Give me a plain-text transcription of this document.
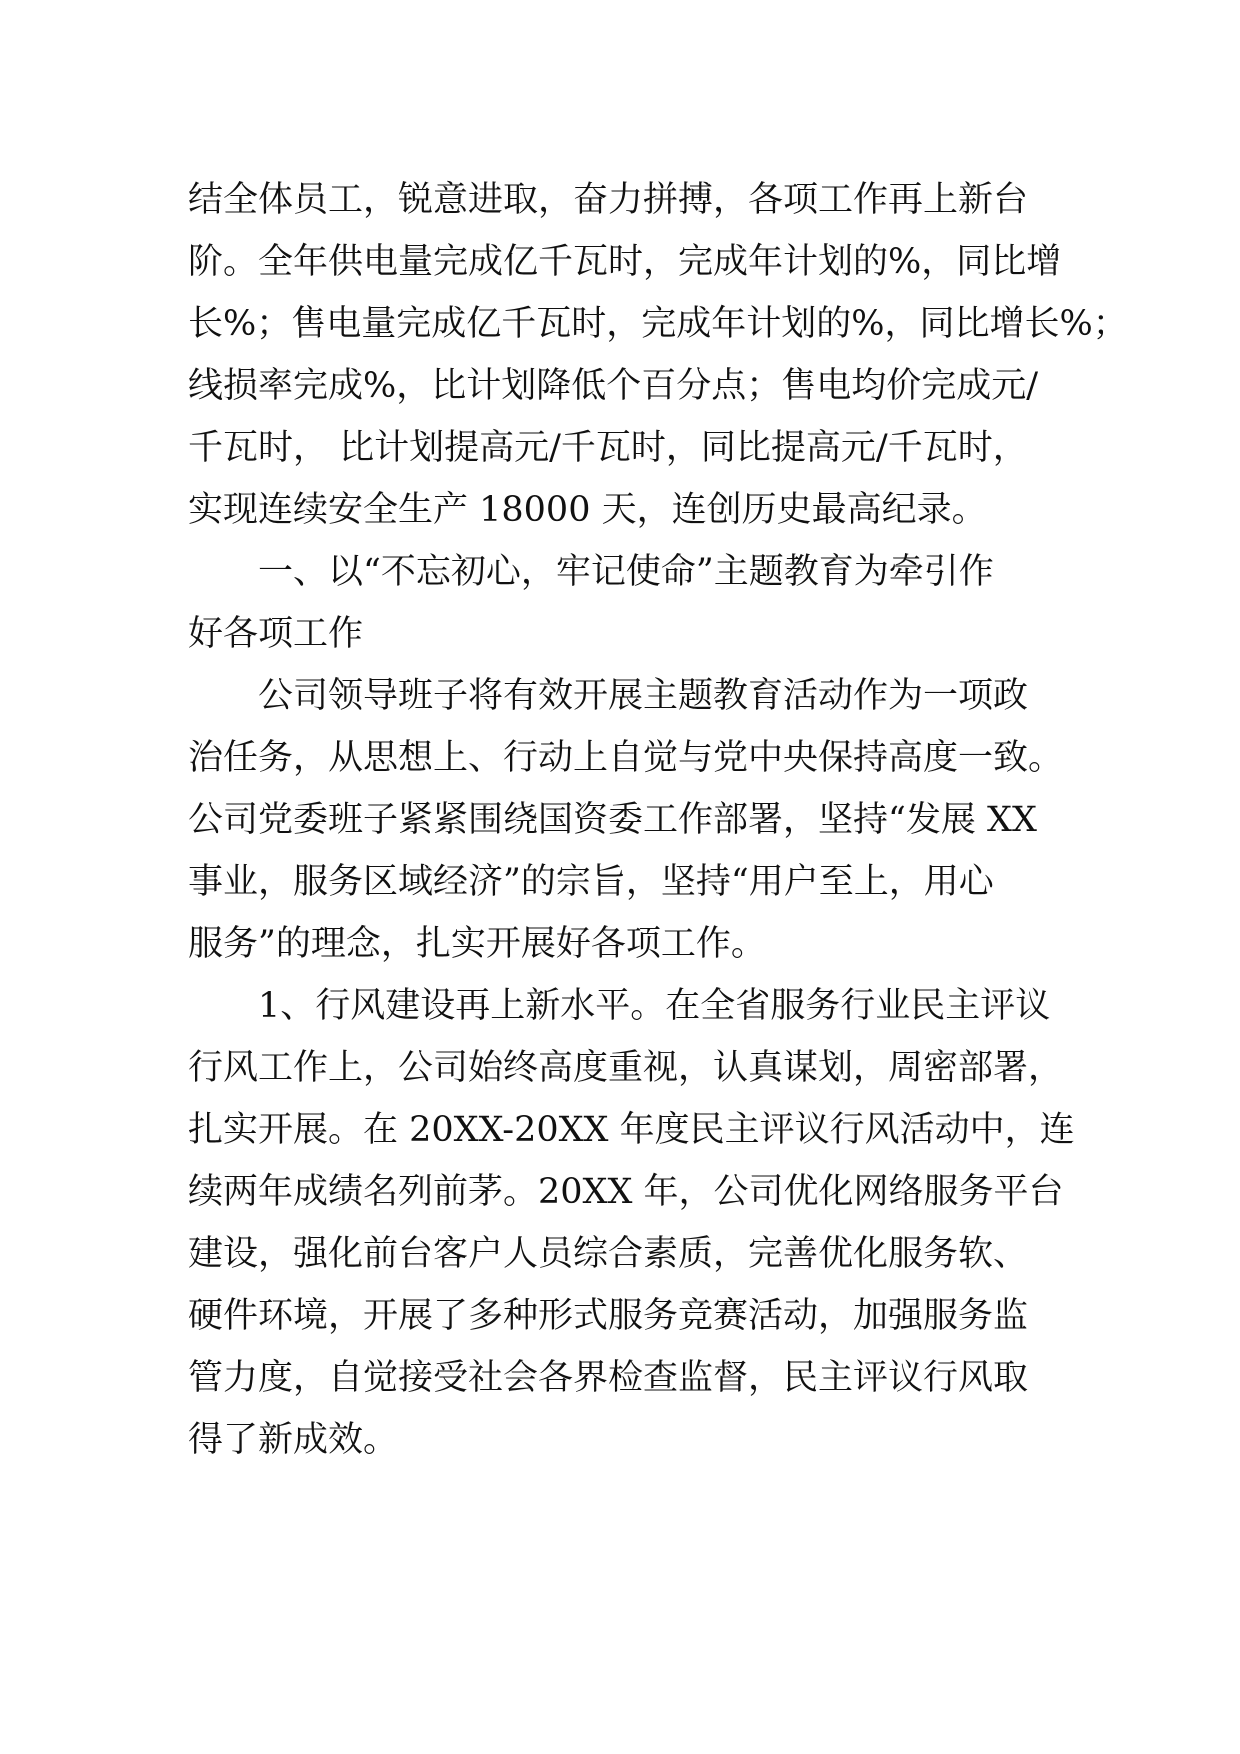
结全体员工，锐意进取，奋力拼搏，各项工作再上新台

阶。全年供电量完成亿千瓦时，完成年计划的%，同比增

长%；售电量完成亿千瓦时，完成年计划的%，同比增长%；

线损率完成%，比计划降低个百分点；售电均价完成元/

千瓦时， 比计划提高元/千瓦时，同比提高元/千瓦时，

实现连续安全生产 18000 天，连创历史最高纪录。

一、以“不忘初心，牢记使命”主题教育为牵引作

好各项工作

公司领导班子将有效开展主题教育活动作为一项政

治任务，从思想上、行动上自觉与党中央保持高度一致。

公司党委班子紧紧围绕国资委工作部署，坚持“发展 XX

事业，服务区域经济”的宗旨，坚持“用户至上，用心

服务”的理念，扎实开展好各项工作。

1、行风建设再上新水平。在全省服务行业民主评议

行风工作上，公司始终高度重视，认真谋划，周密部署，

扎实开展。在 20XX-20XX 年度民主评议行风活动中，连

续两年成绩名列前茅。20XX 年，公司优化网络服务平台

建设，强化前台客户人员综合素质，完善优化服务软、

硬件环境，开展了多种形式服务竞赛活动，加强服务监

管力度，自觉接受社会各界检查监督，民主评议行风取

得了新成效。
